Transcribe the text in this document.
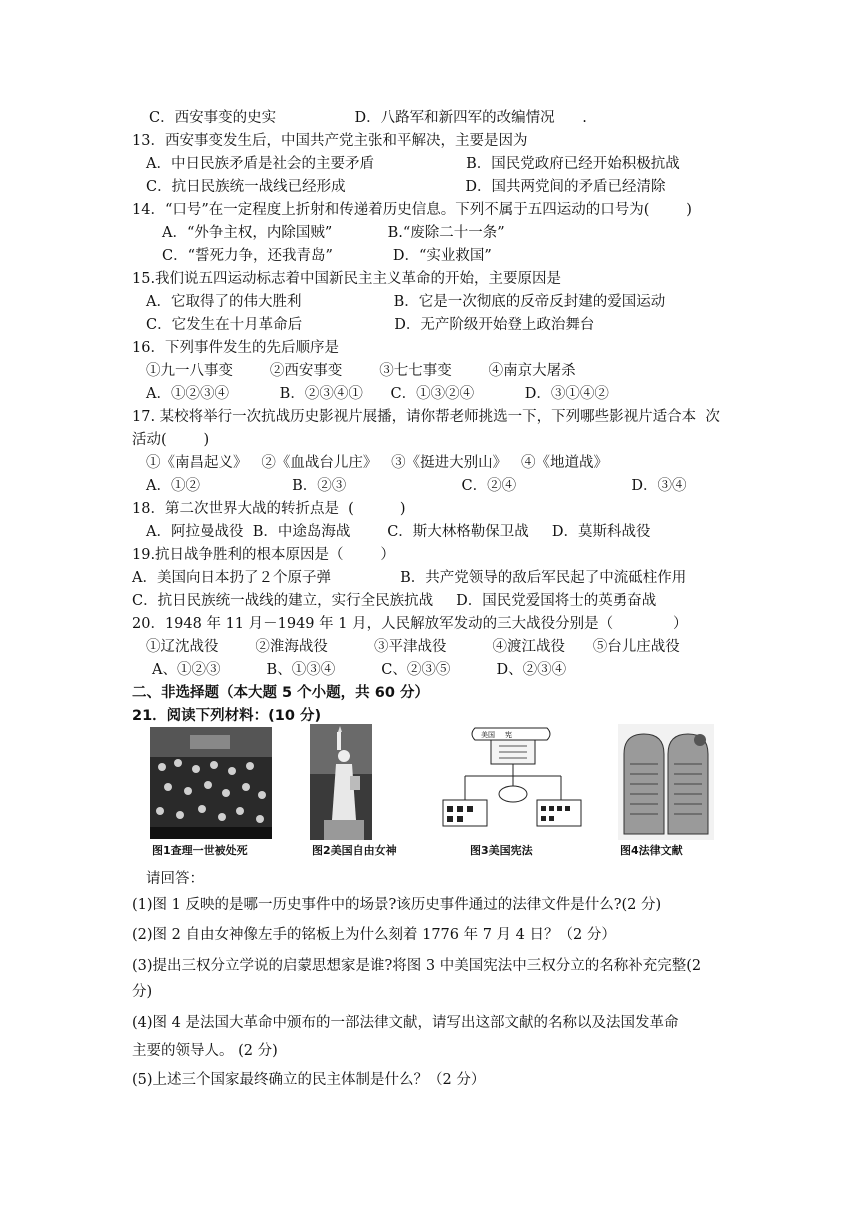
C．西安事变的史实                 D．八路军和新四军的改编情况      .
13．西安事变发生后，中国共产党主张和平解决，主要是因为
A．中日民族矛盾是社会的主要矛盾                    B．国民党政府已经开始积极抗战
C．抗日民族统一战线已经形成                          D．国共两党间的矛盾已经清除
14．“口号”在一定程度上折射和传递着历史信息。下列不属于五四运动的口号为(        )
A．“外争主权，内除国贼”            B.“废除二十一条”
C．“誓死力争，还我青岛”             D．“实业救国”
15.我们说五四运动标志着中国新民主主义革命的开始，主要原因是
A．它取得了的伟大胜利                    B．它是一次彻底的反帝反封建的爱国运动
C．它发生在十月革命后                    D．无产阶级开始登上政治舞台
16．下列事件发生的先后顺序是
①九一八事变        ②西安事变        ③七七事变        ④南京大屠杀
A．①②③④           B．②③④①      C．①③②④           D．③①④②
17. 某校将举行一次抗战历史影视片展播，请你帮老师挑选一下，下列哪些影视片适合本  次
活动(        )
①《南昌起义》   ②《血战台儿庄》   ③《挺进大别山》   ④《地道战》
A．①②                    B．②③                         C．②④                         D．③④
18．第二次世界大战的转折点是  (          )
A．阿拉曼战役  B．中途岛海战        C．斯大林格勒保卫战     D．莫斯科战役
19.抗日战争胜利的根本原因是（        ）
A．美国向日本扔了２个原子弹               B．共产党领导的敌后军民起了中流砥柱作用
C．抗日民族统一战线的建立，实行全民族抗战     D．国民党爱国将士的英勇奋战
20．1948 年 11 月－1949 年 1 月，人民解放军发动的三大战役分别是（             ）
①辽沈战役        ②淮海战役          ③平津战役          ④渡江战役      ⑤台儿庄战役
A、①②③          B、①③④          C、②③⑤          D、②③④
二、非选择题（本大题 5 个小题，共 60 分）
21．阅读下列材料：(10 分)
图1查理一世被处死	图2美国自由女神
美国 宪
图3美国宪法	图4法律文献
请回答：
(1)图 1 反映的是哪一历史事件中的场景?该历史事件通过的法律文件是什么?(2 分)
(2)图 2 自由女神像左手的铭板上为什么刻着 1776 年 7 月 4 日？（2 分）
(3)提出三权分立学说的启蒙思想家是谁?将图 3 中美国宪法中三权分立的名称补充完整(2
分)
(4)图 4 是法国大革命中颁布的一部法律文献，请写出这部文献的名称以及法国发革命
主要的领导人。 (2 分)
(5)上述三个国家最终确立的民主体制是什么？（2 分）
